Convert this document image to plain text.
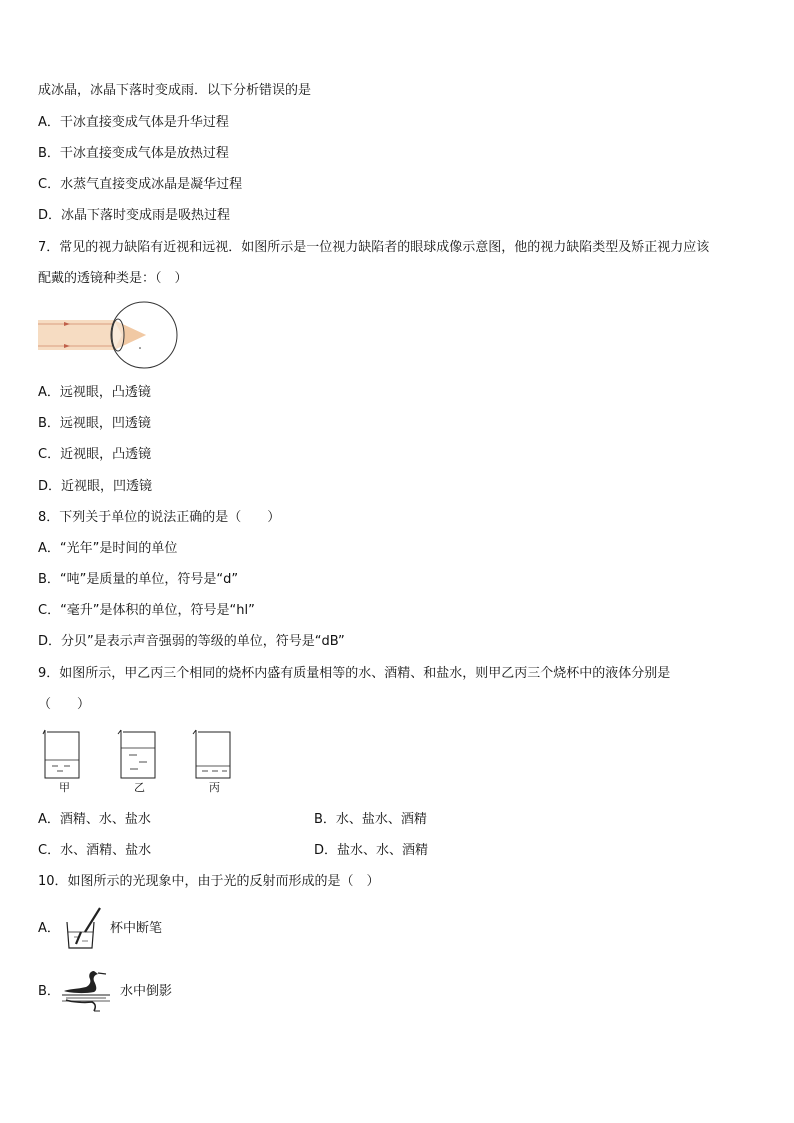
成冰晶，冰晶下落时变成雨．以下分析错误的是
A．干冰直接变成气体是升华过程
B．干冰直接变成气体是放热过程
C．水蒸气直接变成冰晶是凝华过程
D．冰晶下落时变成雨是吸热过程
7．常见的视力缺陷有近视和远视．如图所示是一位视力缺陷者的眼球成像示意图，他的视力缺陷类型及矫正视力应该
配戴的透镜种类是：（　）
A．远视眼，凸透镜
B．远视眼，凹透镜
C．近视眼，凸透镜
D．近视眼，凹透镜
8．下列关于单位的说法正确的是（　　）
A．“光年”是时间的单位
B．“吨”是质量的单位，符号是“d”
C．“毫升”是体积的单位，符号是“hl”
D．分贝”是表示声音强弱的等级的单位，符号是“dB”
9．如图所示，甲乙丙三个相同的烧杯内盛有质量相等的水、酒精、和盐水，则甲乙丙三个烧杯中的液体分别是
（　　）
甲	乙	丙
A．酒精、水、盐水	B．水、盐水、酒精
C．水、酒精、盐水	D．盐水、水、酒精
10．如图所示的光现象中，由于光的反射而形成的是（　）
A．	杯中断笔
B．	水中倒影
